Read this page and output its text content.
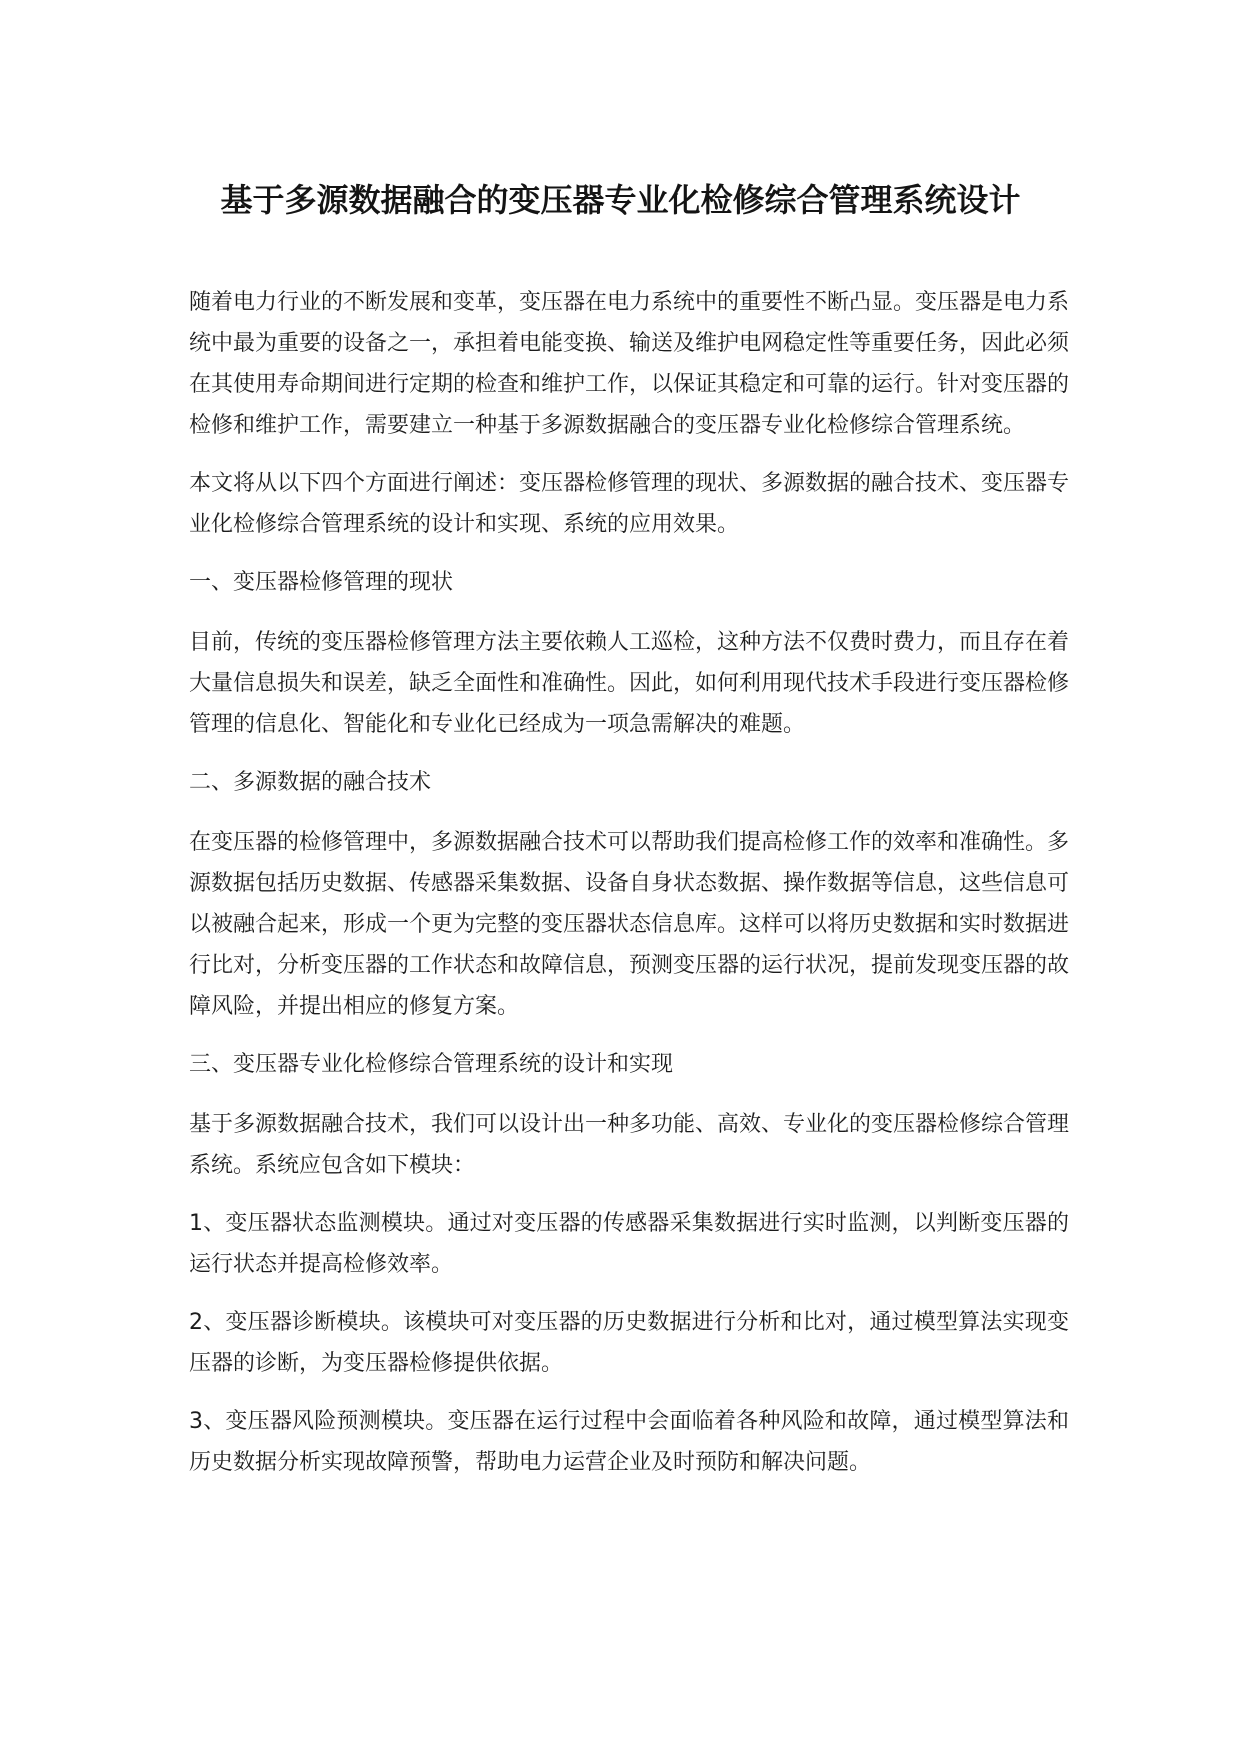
基于多源数据融合的变压器专业化检修综合管理系统设计

随着电力行业的不断发展和变革，变压器在电力系统中的重要性不断凸显。变压器是电力系统中最为重要的设备之一，承担着电能变换、输送及维护电网稳定性等重要任务，因此必须在其使用寿命期间进行定期的检查和维护工作，以保证其稳定和可靠的运行。针对变压器的检修和维护工作，需要建立一种基于多源数据融合的变压器专业化检修综合管理系统。

本文将从以下四个方面进行阐述：变压器检修管理的现状、多源数据的融合技术、变压器专业化检修综合管理系统的设计和实现、系统的应用效果。

一、变压器检修管理的现状

目前，传统的变压器检修管理方法主要依赖人工巡检，这种方法不仅费时费力，而且存在着大量信息损失和误差，缺乏全面性和准确性。因此，如何利用现代技术手段进行变压器检修管理的信息化、智能化和专业化已经成为一项急需解决的难题。

二、多源数据的融合技术

在变压器的检修管理中，多源数据融合技术可以帮助我们提高检修工作的效率和准确性。多源数据包括历史数据、传感器采集数据、设备自身状态数据、操作数据等信息，这些信息可以被融合起来，形成一个更为完整的变压器状态信息库。这样可以将历史数据和实时数据进行比对，分析变压器的工作状态和故障信息，预测变压器的运行状况，提前发现变压器的故障风险，并提出相应的修复方案。

三、变压器专业化检修综合管理系统的设计和实现

基于多源数据融合技术，我们可以设计出一种多功能、高效、专业化的变压器检修综合管理系统。系统应包含如下模块：

1、变压器状态监测模块。通过对变压器的传感器采集数据进行实时监测，以判断变压器的运行状态并提高检修效率。

2、变压器诊断模块。该模块可对变压器的历史数据进行分析和比对，通过模型算法实现变压器的诊断，为变压器检修提供依据。

3、变压器风险预测模块。变压器在运行过程中会面临着各种风险和故障，通过模型算法和历史数据分析实现故障预警，帮助电力运营企业及时预防和解决问题。
